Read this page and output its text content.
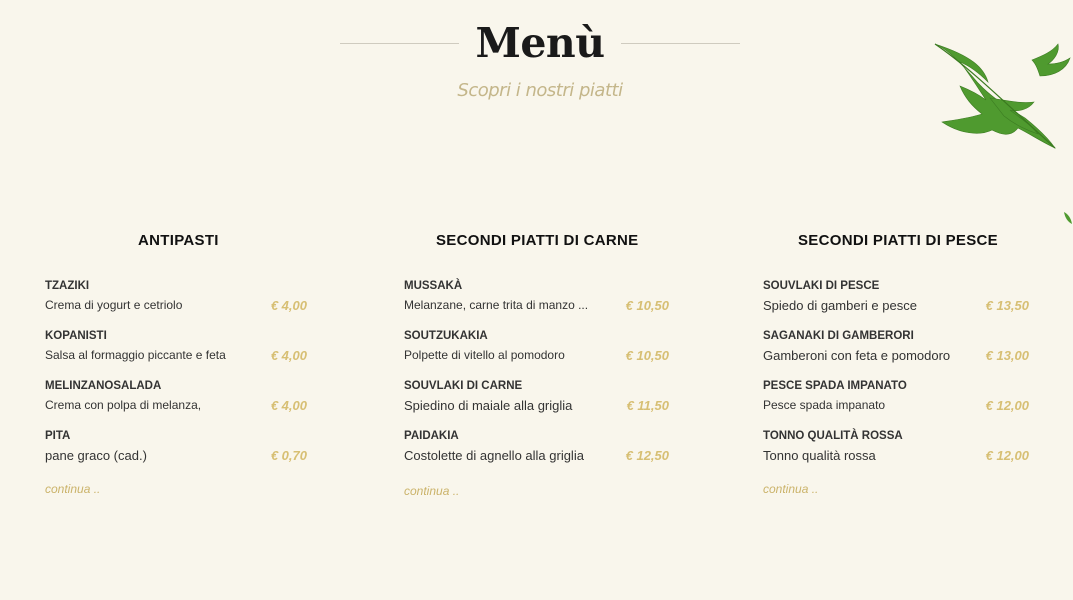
Menù
Scopri i nostri piatti
ANTIPASTI
TZAZIKI
Crema di yogurt e cetriolo	€ 4,00
KOPANISTI
Salsa al formaggio piccante e feta	€ 4,00
MELINZANOSALADA
Crema con polpa di melanza,	€ 4,00
PITA
pane graco (cad.)	€ 0,70
continua ..
SECONDI PIATTI DI CARNE
MUSSAKÀ
Melanzane, carne trita di manzo ...	€ 10,50
SOUTZUKAKIA
Polpette di vitello al pomodoro	€ 10,50
SOUVLAKI DI CARNE
Spiedino di maiale alla griglia	€ 11,50
PAIDAKIA
Costolette di agnello alla griglia	€ 12,50
continua ..
SECONDI PIATTI DI PESCE
SOUVLAKI DI PESCE
Spiedo di gamberi e pesce	€ 13,50
SAGANAKI DI GAMBERORI
Gamberoni con feta e pomodoro	€ 13,00
PESCE SPADA IMPANATO
Pesce spada impanato	€ 12,00
TONNO QUALITÀ ROSSA
Tonno qualità rossa	€ 12,00
continua ..
